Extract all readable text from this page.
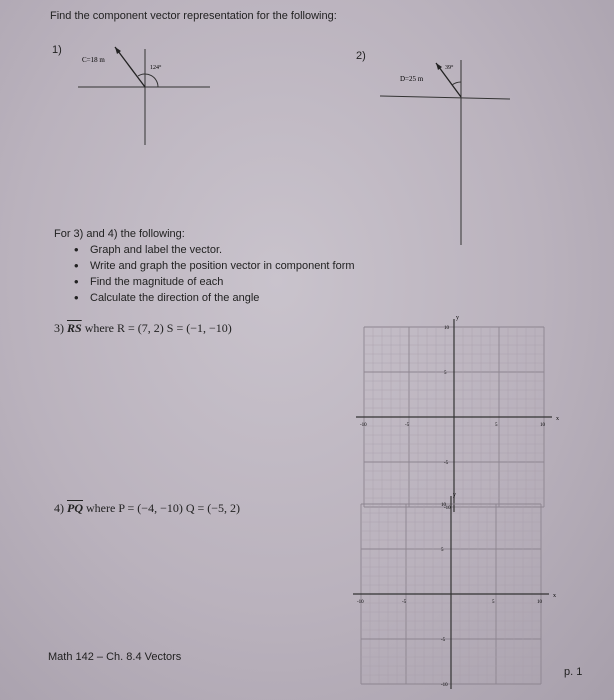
Find the component vector representation for the following:
1)
C=18 m
124°
2)
D=25 m
39°
For 3) and 4) the following:
• Graph and label the vector.
• Write and graph the position vector in component form
• Find the magnitude of each
• Calculate the direction of the angle
3) $\overline{RS}$ where R = (7, 2) S = (−1, −10)
4) $\overline{PQ}$ where P = (−4, −10) Q = (−5, 2)
x
y
-10	-5	5	10
10
5
-5
-10
x
y
-10	-5	5	10
10
5
-5
-10
Math 142 – Ch. 8.4 Vectors
p. 1
